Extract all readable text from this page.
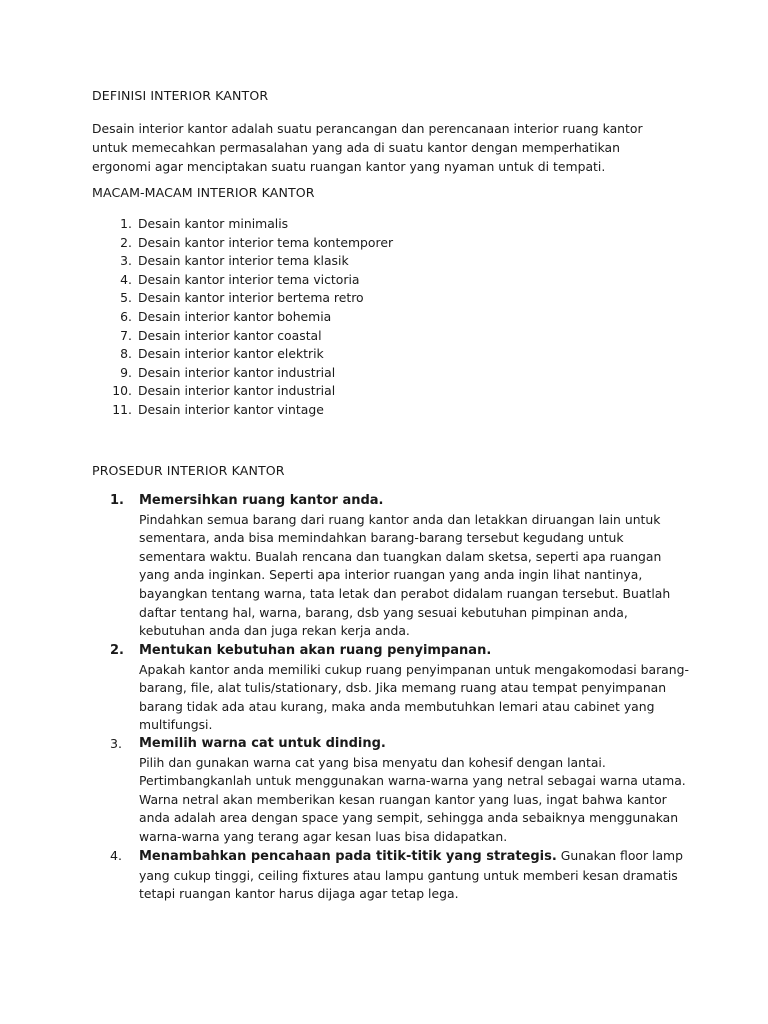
DEFINISI INTERIOR KANTOR

Desain interior kantor adalah suatu perancangan dan perencanaan interior ruang kantor untuk memecahkan permasalahan yang ada di suatu kantor dengan memperhatikan ergonomi agar menciptakan suatu ruangan kantor yang nyaman untuk di tempati.

MACAM-MACAM INTERIOR KANTOR
1. Desain kantor minimalis
2. Desain kantor interior tema kontemporer
3. Desain kantor interior tema klasik
4. Desain kantor interior tema victoria
5. Desain kantor interior bertema retro
6. Desain interior kantor bohemia
7. Desain interior kantor coastal
8. Desain interior kantor elektrik
9. Desain interior kantor industrial
10. Desain interior kantor industrial
11. Desain interior kantor vintage
PROSEDUR INTERIOR KANTOR
1. Memersihkan ruang kantor anda.
Pindahkan semua barang dari ruang kantor anda dan letakkan diruangan lain untuk sementara, anda bisa memindahkan barang-barang tersebut kegudang untuk sementara waktu. Bualah rencana dan tuangkan dalam sketsa, seperti apa ruangan yang anda inginkan. Seperti apa interior ruangan yang anda ingin lihat nantinya, bayangkan tentang warna, tata letak dan perabot didalam ruangan tersebut. Buatlah daftar tentang hal, warna, barang, dsb yang sesuai kebutuhan pimpinan anda, kebutuhan anda dan juga rekan kerja anda.
2. Mentukan kebutuhan akan ruang penyimpanan.
Apakah kantor anda memiliki cukup ruang penyimpanan untuk mengakomodasi barang-barang, file, alat tulis/stationary, dsb. Jika memang ruang atau tempat penyimpanan barang tidak ada atau kurang, maka anda membutuhkan lemari atau cabinet yang multifungsi.
3. Memilih warna cat untuk dinding.
Pilih dan gunakan warna cat yang bisa menyatu dan kohesif dengan lantai. Pertimbangkanlah untuk menggunakan warna-warna yang netral sebagai warna utama. Warna netral akan memberikan kesan ruangan kantor yang luas, ingat bahwa kantor anda adalah area dengan space yang sempit, sehingga anda sebaiknya menggunakan warna-warna yang terang agar kesan luas bisa didapatkan.
4. Menambahkan pencahaan pada titik-titik yang strategis. Gunakan floor lamp yang cukup tinggi, ceiling fixtures atau lampu gantung untuk memberi kesan dramatis tetapi ruangan kantor harus dijaga agar tetap lega.
